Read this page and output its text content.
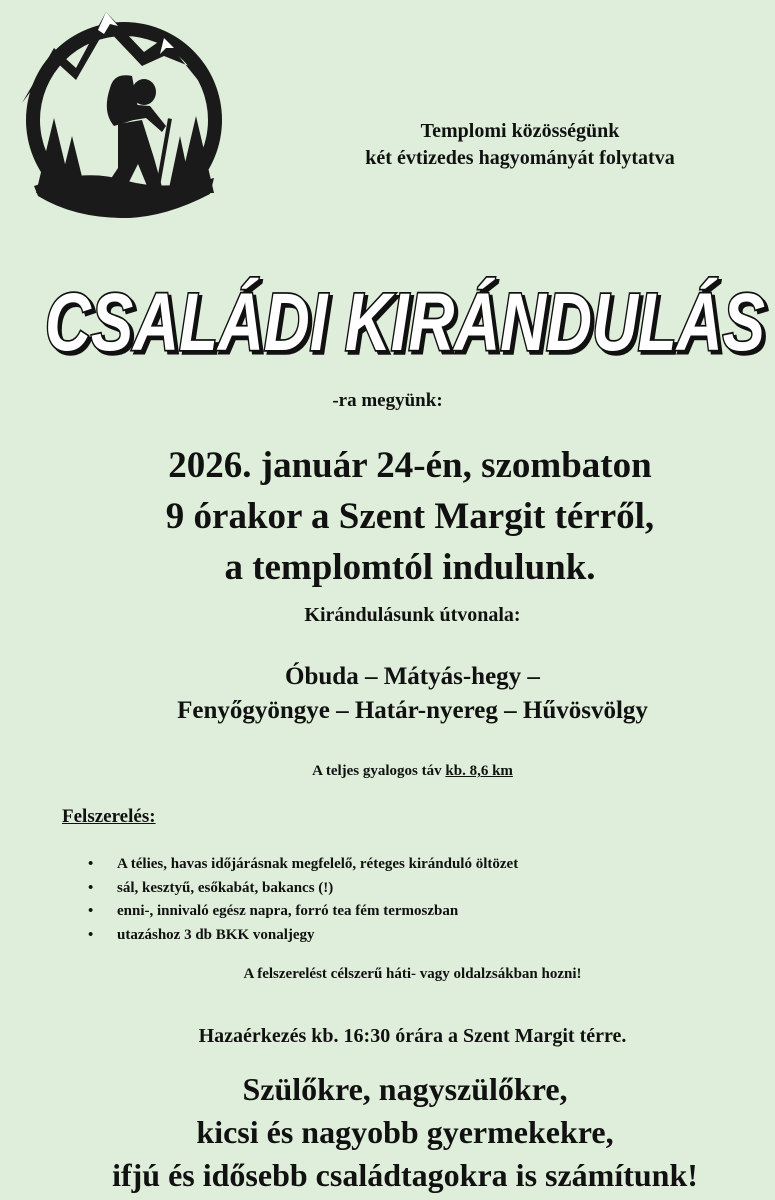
Templomi közösségünk
két évtizedes hagyományát folytatva
CSALÁDI KIRÁNDULÁS
-ra megyünk:
2026. január 24-én, szombaton
9 órakor a Szent Margit térről,
a templomtól indulunk.
Kirándulásunk útvonala:
Óbuda – Mátyás-hegy –
Fenyőgyöngye – Határ-nyereg – Hűvösvölgy
A teljes gyalogos táv kb. 8,6 km
Felszerelés:
• A télies, havas időjárásnak megfelelő, réteges kiránduló öltözet
• sál, kesztyű, esőkabát, bakancs (!)
• enni-, innivaló egész napra, forró tea fém termoszban
• utazáshoz 3 db BKK vonaljegy
A felszerelést célszerű háti- vagy oldalzsákban hozni!
Hazaérkezés kb. 16:30 órára a Szent Margit térre.
Szülőkre, nagyszülőkre,
kicsi és nagyobb gyermekekre,
ifjú és idősebb családtagokra is számítunk!
